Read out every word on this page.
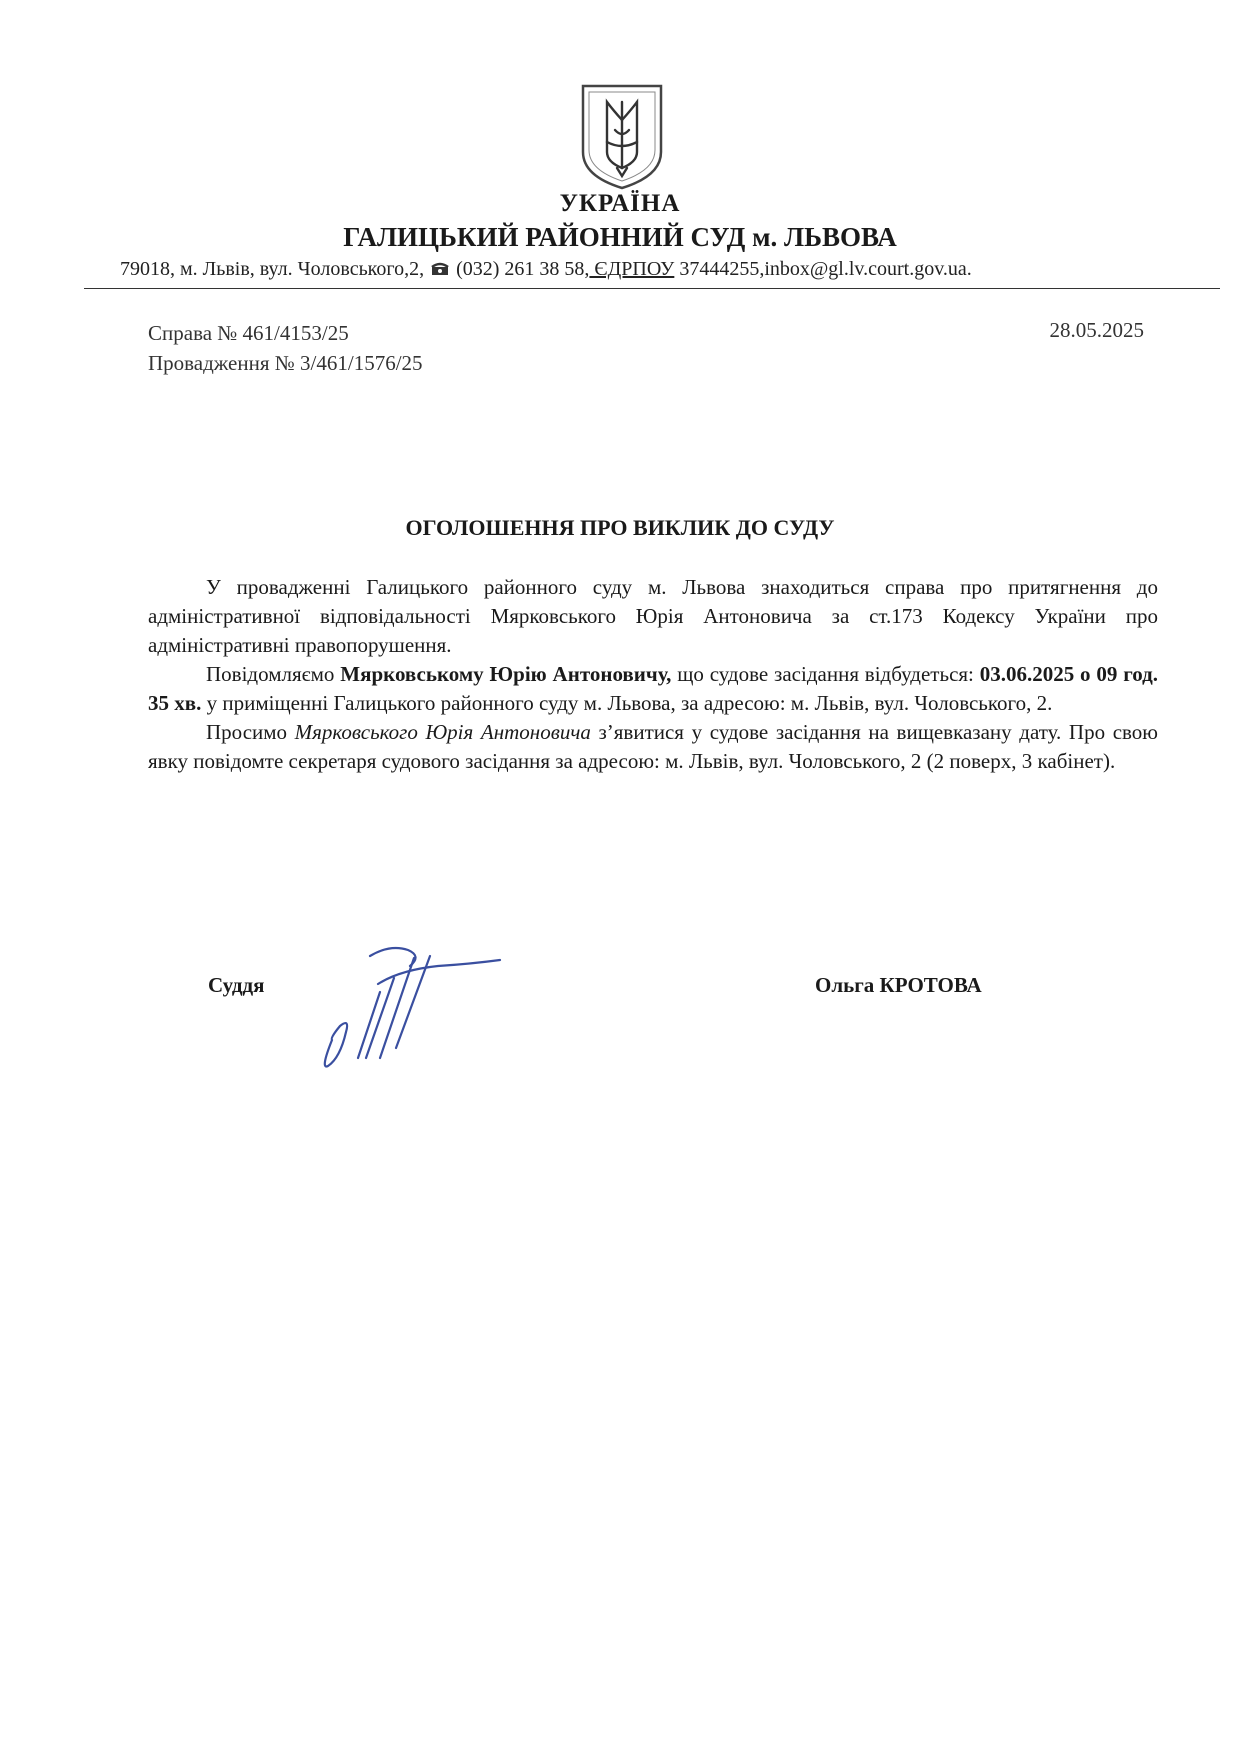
УКРАЇНА
ГАЛИЦЬКИЙ РАЙОННИЙ СУД м. ЛЬВОВА
79018, м. Львів, вул. Чоловського,2, (032) 261 38 58, ЄДРПОУ 37444255,inbox@gl.lv.court.gov.ua.
Справа № 461/4153/25
Провадження № 3/461/1576/25
28.05.2025
ОГОЛОШЕННЯ ПРО ВИКЛИК ДО СУДУ

У провадженні Галицького районного суду м. Львова знаходиться справа про притягнення до адміністративної відповідальності Мярковського Юрія Антоновича за ст.173 Кодексу України про адміністративні правопорушення.

Повідомляємо Мярковському Юрію Антоновичу, що судове засідання відбудеться: 03.06.2025 о 09 год. 35 хв. у приміщенні Галицького районного суду м. Львова, за адресою: м. Львів, вул. Чоловського, 2.

Просимо Мярковського Юрія Антоновича з’явитися у судове засідання на вищевказану дату. Про свою явку повідомте секретаря судового засідання за адресою: м. Львів, вул. Чоловського, 2 (2 поверх, 3 кабінет).

Суддя	Ольга КРОТОВА
